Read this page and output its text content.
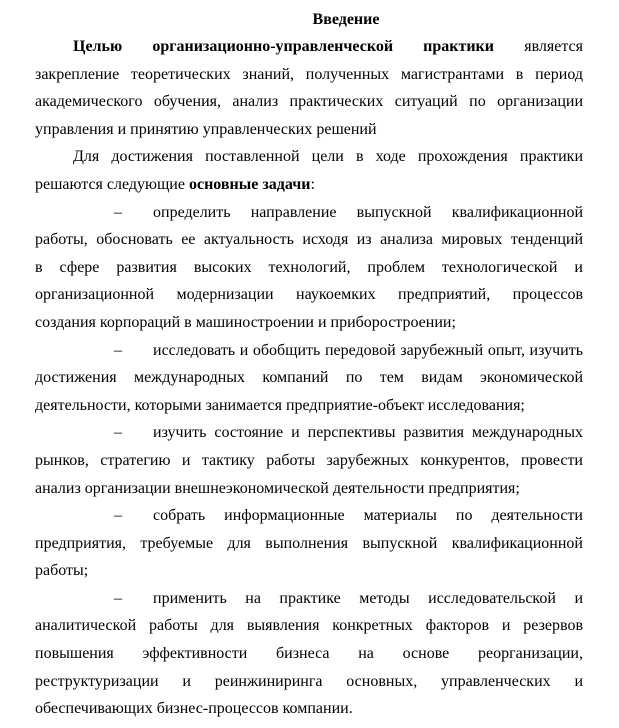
Введение
Целью организационно-управленческой практики является
закрепление теоретических знаний, полученных магистрантами в период
академического обучения, анализ практических ситуаций по организации
управления и принятию управленческих решений
Для достижения поставленной цели в ходе прохождения практики
решаются следующие основные задачи:
–	определить направление выпускной квалификационной
работы, обосновать ее актуальность исходя из анализа мировых тенденций
в сфере развития высоких технологий, проблем технологической и
организационной модернизации наукоемких предприятий, процессов
создания корпораций в машиностроении и приборостроении;
–	исследовать и обобщить передовой зарубежный опыт, изучить
достижения международных компаний по тем видам экономической
деятельности, которыми занимается предприятие-объект исследования;
–	изучить состояние и перспективы развития международных
рынков, стратегию и тактику работы зарубежных конкурентов, провести
анализ организации внешнеэкономической деятельности предприятия;
–	собрать информационные материалы по деятельности
предприятия, требуемые для выполнения выпускной квалификационной
работы;
–	применить на практике методы исследовательской и
аналитической работы для выявления конкретных факторов и резервов
повышения эффективности бизнеса на основе реорганизации,
реструктуризации и реинжиниринга основных, управленческих и
обеспечивающих бизнес-процессов компании.
